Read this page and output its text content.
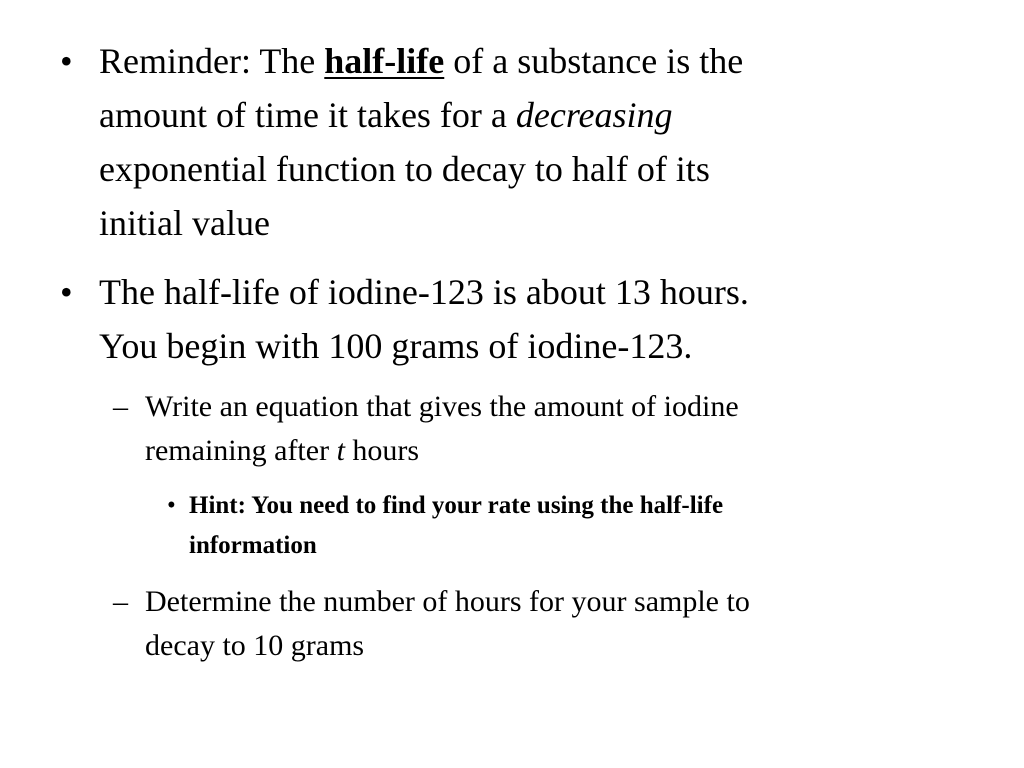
• Reminder: The half-life of a substance is the
amount of time it takes for a decreasing
exponential function to decay to half of its
initial value
• The half-life of iodine-123 is about 13 hours.
You begin with 100 grams of iodine-123.
– Write an equation that gives the amount of iodine
remaining after t hours
• Hint: You need to find your rate using the half-life
information
– Determine the number of hours for your sample to
decay to 10 grams
